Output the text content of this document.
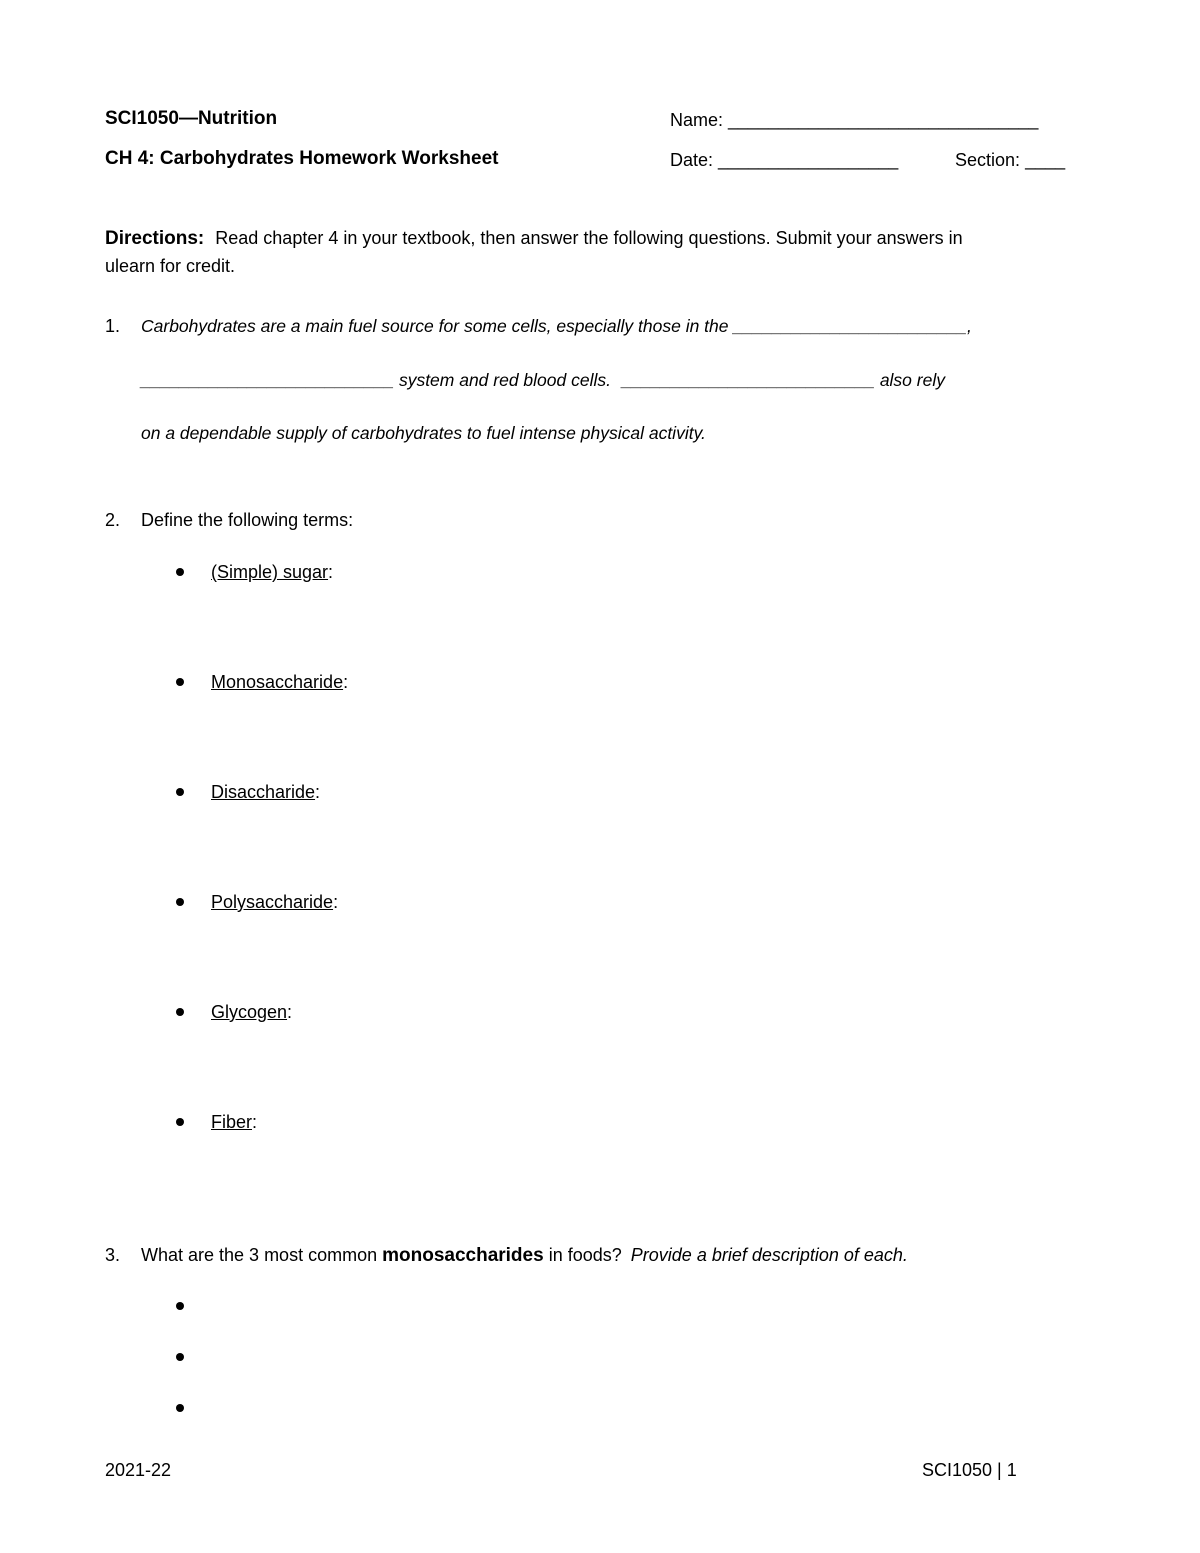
SCI1050—Nutrition
CH 4: Carbohydrates Homework Worksheet
Name: _______________________________
Date: __________________	Section: ____
Directions: Read chapter 4 in your textbook, then answer the following questions. Submit your answers in
ulearn for credit.
1. Carbohydrates are a main fuel source for some cells, especially those in the ________________________,
__________________________ system and red blood cells. __________________________ also rely
on a dependable supply of carbohydrates to fuel intense physical activity.
2. Define the following terms:
(Simple) sugar:
Monosaccharide:
Disaccharide:
Polysaccharide:
Glycogen:
Fiber:
3. What are the 3 most common monosaccharides in foods? Provide a brief description of each.
2021-22	SCI1050 | 1
